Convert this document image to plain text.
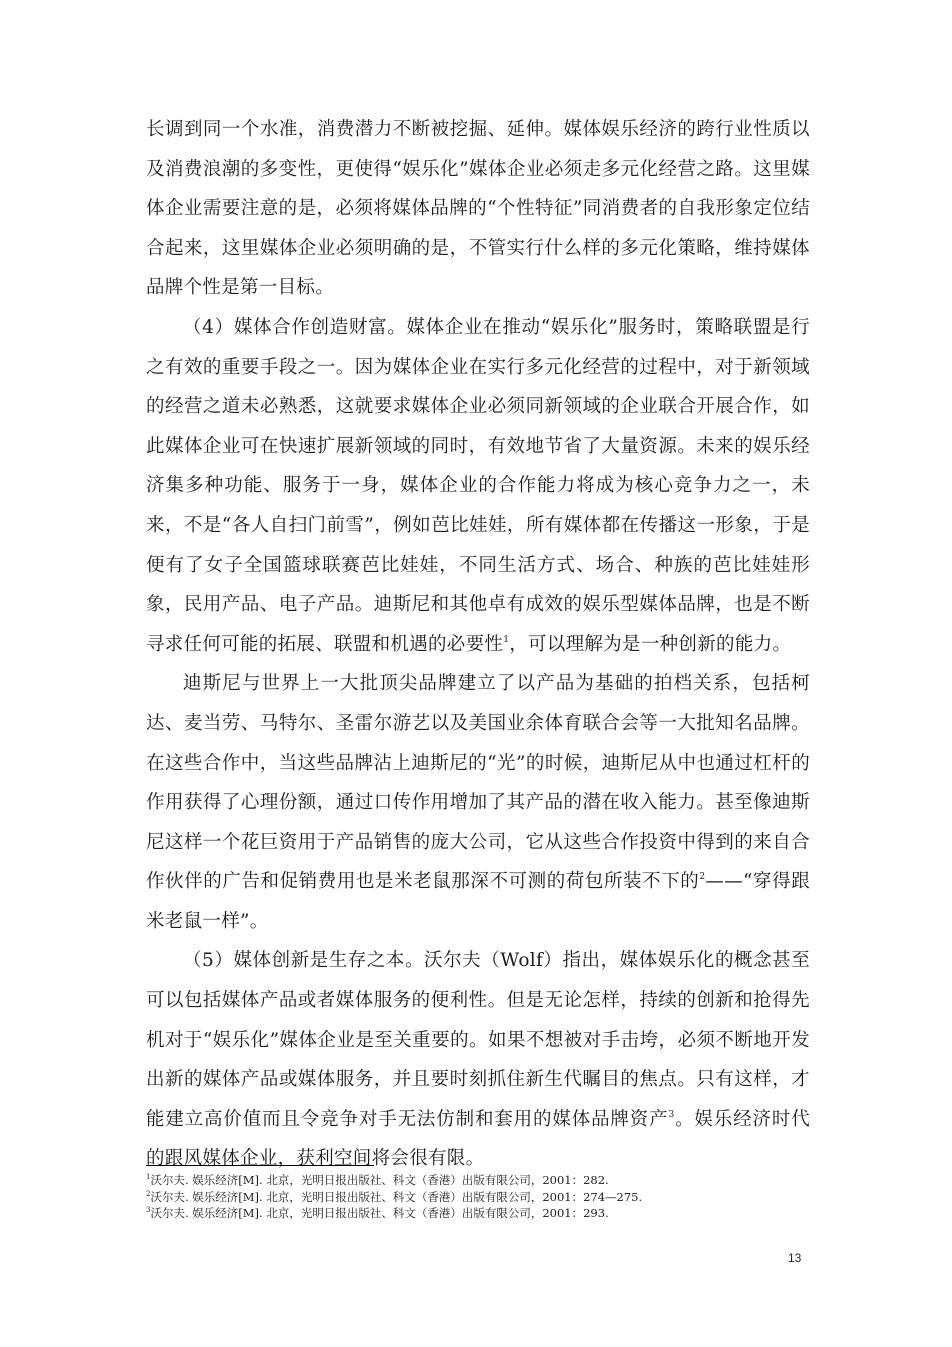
长调到同一个水准，消费潜力不断被挖掘、延伸。媒体娱乐经济的跨行业性质以及消费浪潮的多变性，更使得“娱乐化”媒体企业必须走多元化经营之路。这里媒体企业需要注意的是，必须将媒体品牌的“个性特征”同消费者的自我形象定位结合起来，这里媒体企业必须明确的是，不管实行什么样的多元化策略，维持媒体品牌个性是第一目标。

（4）媒体合作创造财富。媒体企业在推动“娱乐化”服务时，策略联盟是行之有效的重要手段之一。因为媒体企业在实行多元化经营的过程中，对于新领域的经营之道未必熟悉，这就要求媒体企业必须同新领域的企业联合开展合作，如此媒体企业可在快速扩展新领域的同时，有效地节省了大量资源。未来的娱乐经济集多种功能、服务于一身，媒体企业的合作能力将成为核心竞争力之一，未来，不是“各人自扫门前雪”，例如芭比娃娃，所有媒体都在传播这一形象，于是便有了女子全国篮球联赛芭比娃娃，不同生活方式、场合、种族的芭比娃娃形象，民用产品、电子产品。迪斯尼和其他卓有成效的娱乐型媒体品牌，也是不断寻求任何可能的拓展、联盟和机遇的必要性$^1$，可以理解为是一种创新的能力。

迪斯尼与世界上一大批顶尖品牌建立了以产品为基础的拍档关系，包括柯达、麦当劳、马特尔、圣雷尔游艺以及美国业余体育联合会等一大批知名品牌。在这些合作中，当这些品牌沾上迪斯尼的“光”的时候，迪斯尼从中也通过杠杆的作用获得了心理份额，通过口传作用增加了其产品的潜在收入能力。甚至像迪斯尼这样一个花巨资用于产品销售的庞大公司，它从这些合作投资中得到的来自合作伙伴的广告和促销费用也是米老鼠那深不可测的荷包所装不下的$^2$——“穿得跟米老鼠一样”。

（5）媒体创新是生存之本。沃尔夫（Wolf）指出，媒体娱乐化的概念甚至可以包括媒体产品或者媒体服务的便利性。但是无论怎样，持续的创新和抢得先机对于“娱乐化”媒体企业是至关重要的。如果不想被对手击垮，必须不断地开发出新的媒体产品或媒体服务，并且要时刻抓住新生代瞩目的焦点。只有这样，才能建立高价值而且令竞争对手无法仿制和套用的媒体品牌资产$^3$。娱乐经济时代的跟风媒体企业，获利空间将会很有限。

$^1$沃尔夫. 娱乐经济[M]. 北京，光明日报出版社、科文（香港）出版有限公司，2001：282.

$^2$沃尔夫. 娱乐经济[M]. 北京，光明日报出版社、科文（香港）出版有限公司，2001：274—275.

$^3$沃尔夫. 娱乐经济[M]. 北京，光明日报出版社、科文（香港）出版有限公司，2001：293.

13
